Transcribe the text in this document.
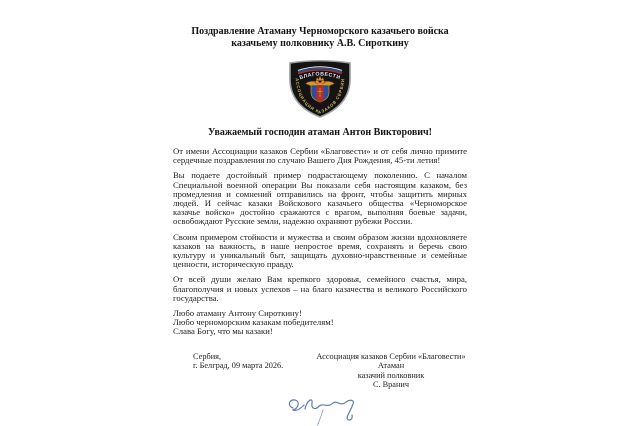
Поздравление Атаману Черноморского казачьего войска
казачьему полковнику А.В. Сироткину
БЛАГОВЕСТИ
АССОЦИАЦИЯ КАЗАКОВ СЕРБИИ
Уважаемый господин атаман Антон Викторович!

От имени Ассоциации казаков Сербии «Благовести» и от себя лично примите сердечные поздравления по случаю Вашего Дня Рождения, 45-ти летия!

Вы подаете достойный пример подрастающему поколению. С началом Специальной военной операции Вы показали себя настоящим казаком, без промедления и сомнений отправились на фронт, чтобы защитить мирных людей. И сейчас казаки Войскового казачьего общества «Черноморское казачье войско» достойно сражаются с врагом, выполняя боевые задачи, освобождают Русские земли, надежно охраняют рубежи России.

Своим примером стойкости и мужества и своим образом жизни вдохновляете казаков на важность, в наше непростое время, сохранять и беречь свою культуру и уникальный быт, защищать духовно-нравственные и семейные ценности, историческую правду.

От всей души желаю Вам крепкого здоровья, семейного счастья, мира, благополучия и новых успехов – на благо казачества и великого Российского государства.

Любо атаману Антону Сироткину!
Любо черноморским казакам победителям!
Слава Богу, что мы казаки!
Сербия,
г. Белград, 09 марта 2026.
Ассоциация казаков Сербии «Благовести»
Атаман
казачий полковник
С. Вранич
